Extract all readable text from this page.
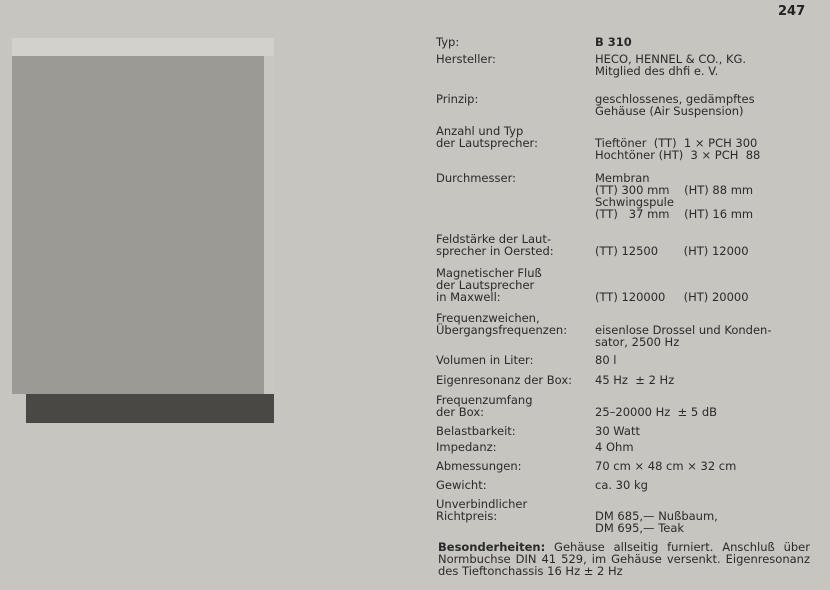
247
Typ:	B 310
Hersteller:	HECO, HENNEL & CO., KG.
Mitglied des dhfi e. V.
Prinzip:	geschlossenes, gedämpftes
Gehäuse (Air Suspension)
Anzahl und Typ
der Lautsprecher:	
Tieftöner  (TT)  1 × PCH 300
Hochtöner (HT)  3 × PCH  88
Durchmesser:	Membran
(TT) 300 mm    (HT) 88 mm
Schwingspule
(TT)   37 mm    (HT) 16 mm
Feldstärke der Laut-
sprecher in Oersted:	
(TT) 12500       (HT) 12000
Magnetischer Fluß
der Lautsprecher
in Maxwell:	

(TT) 120000     (HT) 20000
Frequenzweichen,
Übergangsfrequenzen:	
eisenlose Drossel und Konden-
sator, 2500 Hz
Volumen in Liter:	80 l
Eigenresonanz der Box:	45 Hz  ± 2 Hz
Frequenzumfang
der Box:	
25–20000 Hz  ± 5 dB
Belastbarkeit:	30 Watt
Impedanz:	4 Ohm
Abmessungen:	70 cm × 48 cm × 32 cm
Gewicht:	ca. 30 kg
Unverbindlicher
Richtpreis:	
DM 685,— Nußbaum,
DM 695,— Teak
Besonderheiten: Gehäuse allseitig furniert. Anschluß über Normbuchse DIN 41 529, im Gehäuse versenkt. Eigenresonanz des Tieftonchassis 16 Hz ± 2 Hz
